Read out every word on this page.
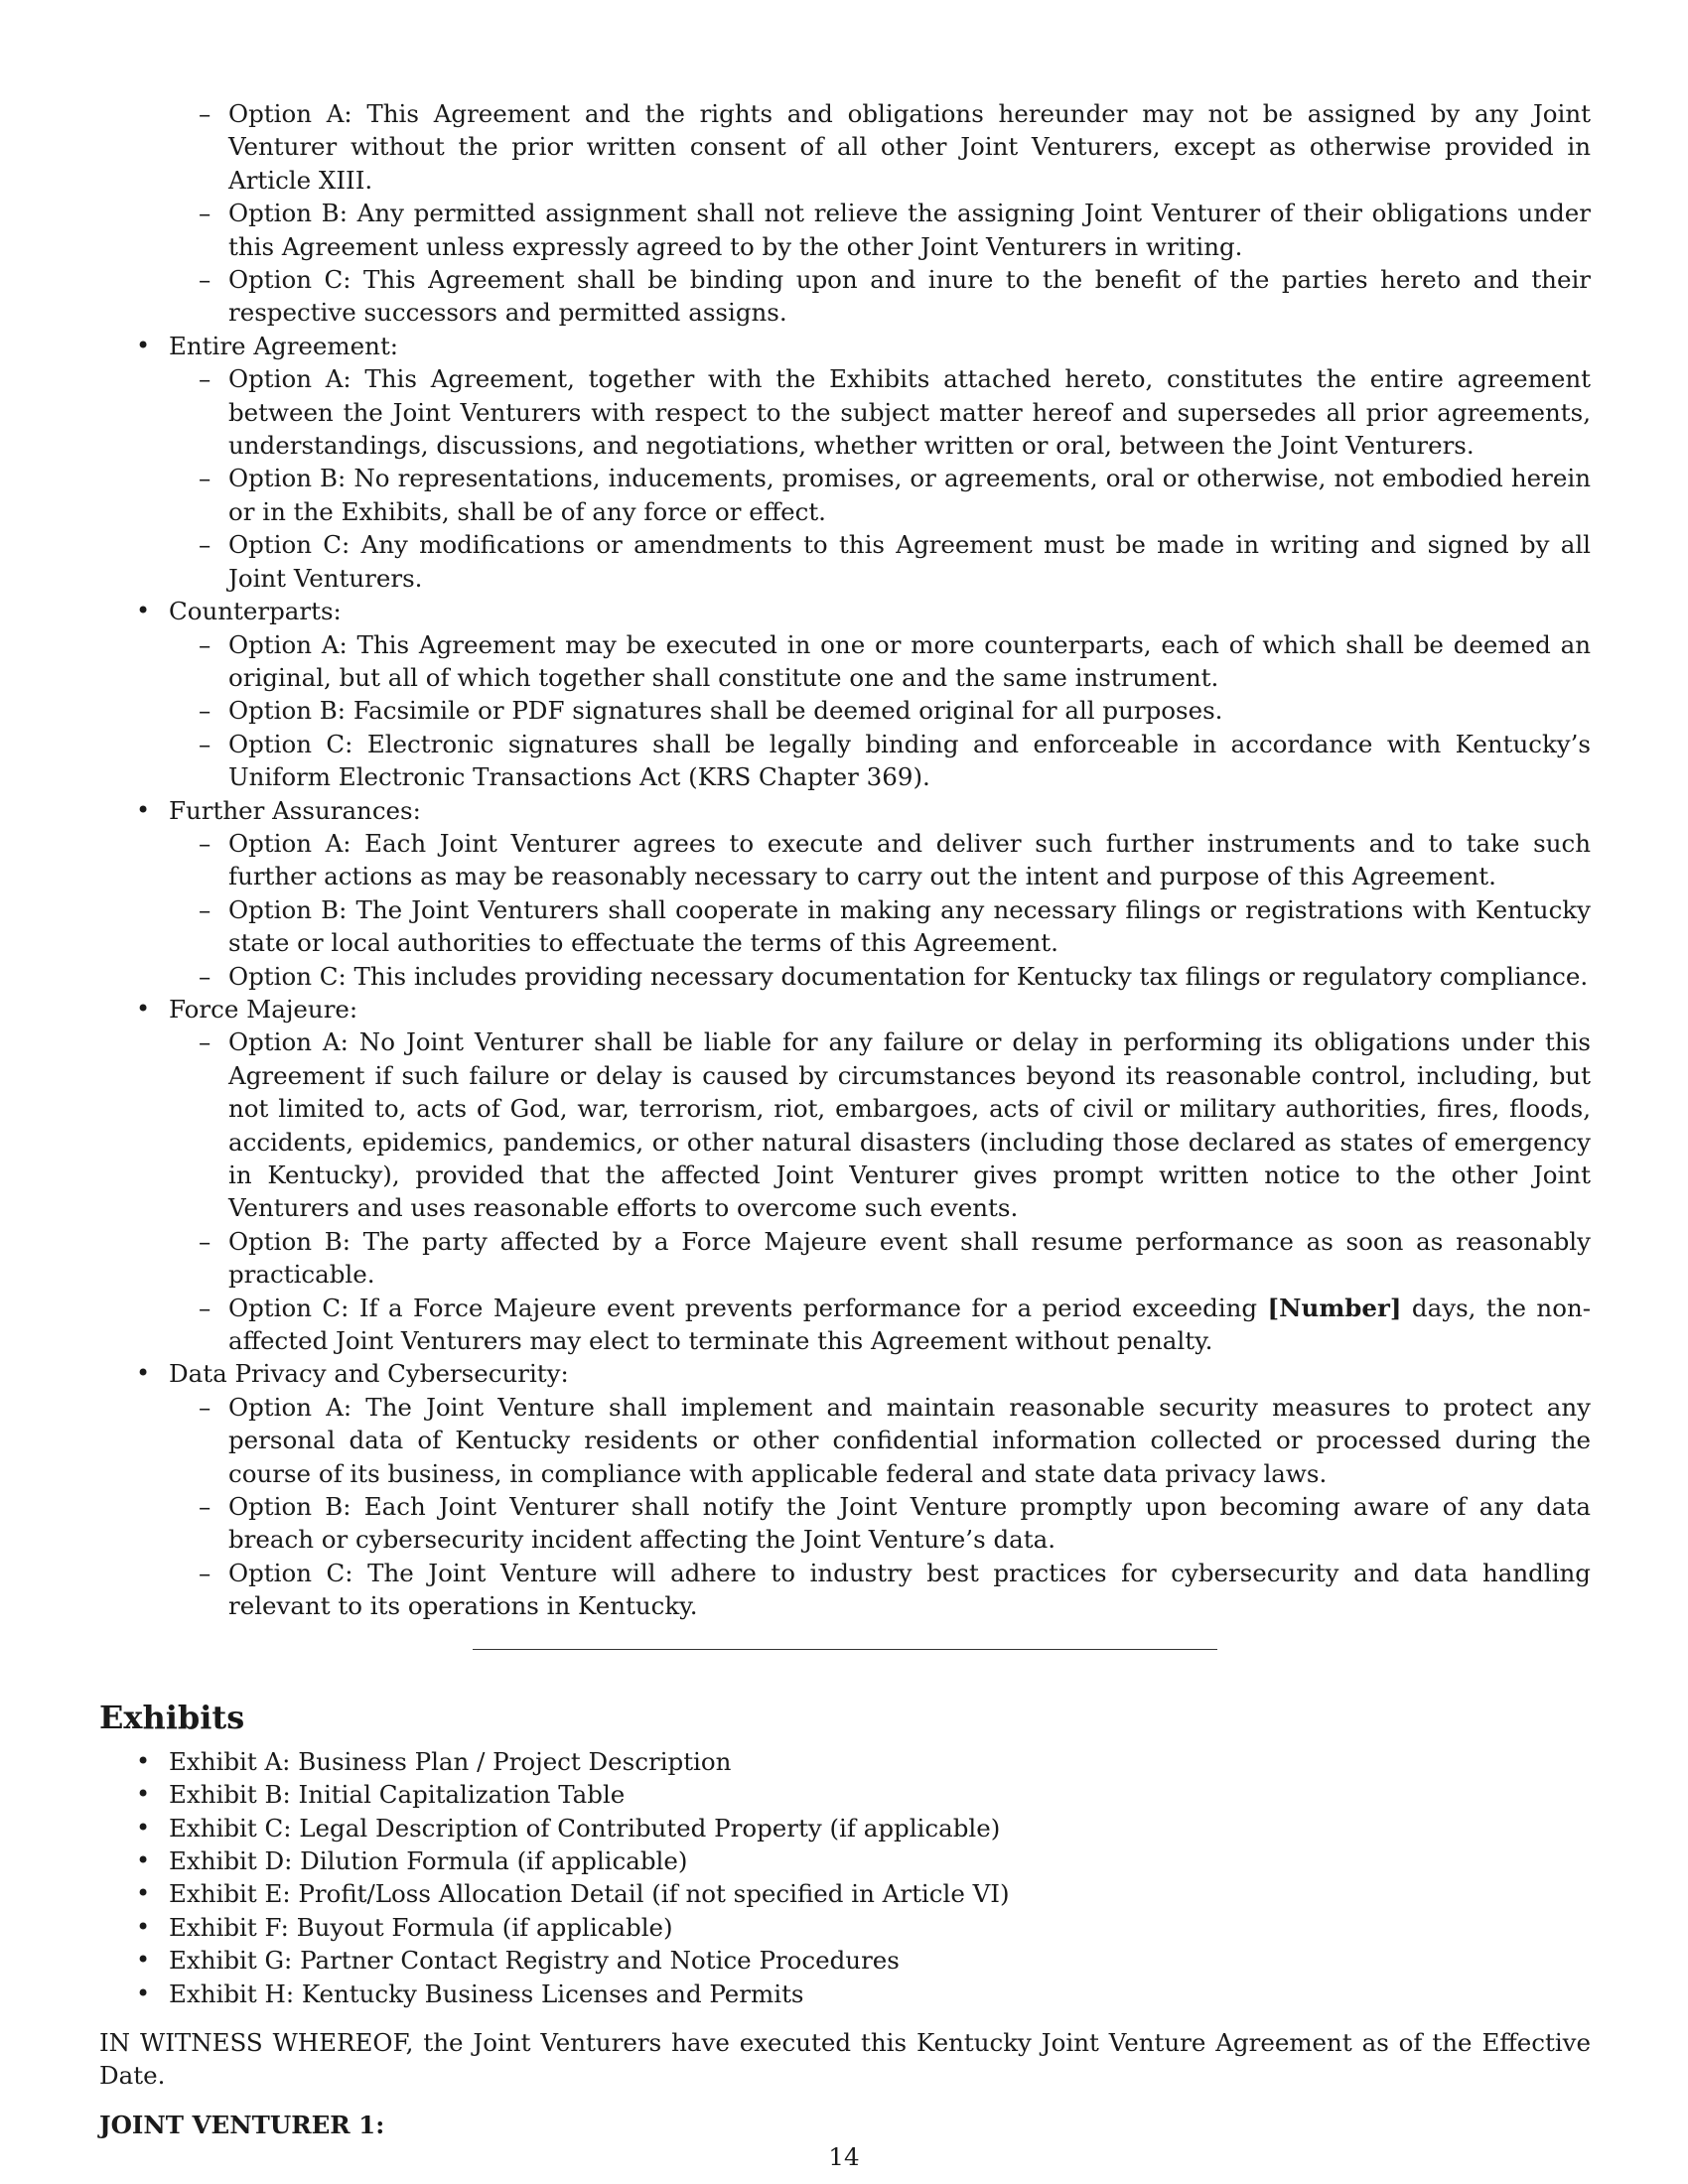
– Option A: This Agreement and the rights and obligations hereunder may not be assigned by any Joint Venturer without the prior written consent of all other Joint Venturers, except as otherwise provided in Article XIII.
– Option B: Any permitted assignment shall not relieve the assigning Joint Venturer of their obligations under this Agreement unless expressly agreed to by the other Joint Venturers in writing.
– Option C: This Agreement shall be binding upon and inure to the benefit of the parties hereto and their respective successors and permitted assigns.
• Entire Agreement:
– Option A: This Agreement, together with the Exhibits attached hereto, constitutes the entire agreement between the Joint Venturers with respect to the subject matter hereof and supersedes all prior agreements, understandings, discussions, and negotiations, whether written or oral, between the Joint Venturers.
– Option B: No representations, inducements, promises, or agreements, oral or otherwise, not embodied herein or in the Exhibits, shall be of any force or effect.
– Option C: Any modifications or amendments to this Agreement must be made in writing and signed by all Joint Venturers.
• Counterparts:
– Option A: This Agreement may be executed in one or more counterparts, each of which shall be deemed an original, but all of which together shall constitute one and the same instrument.
– Option B: Facsimile or PDF signatures shall be deemed original for all purposes.
– Option C: Electronic signatures shall be legally binding and enforceable in accordance with Kentucky’s Uniform Electronic Transactions Act (KRS Chapter 369).
• Further Assurances:
– Option A: Each Joint Venturer agrees to execute and deliver such further instruments and to take such further actions as may be reasonably necessary to carry out the intent and purpose of this Agreement.
– Option B: The Joint Venturers shall cooperate in making any necessary filings or registrations with Kentucky state or local authorities to effectuate the terms of this Agreement.
– Option C: This includes providing necessary documentation for Kentucky tax filings or regulatory compliance.
• Force Majeure:
– Option A: No Joint Venturer shall be liable for any failure or delay in performing its obligations under this Agreement if such failure or delay is caused by circumstances beyond its reasonable control, including, but not limited to, acts of God, war, terrorism, riot, embargoes, acts of civil or military authorities, fires, floods, accidents, epidemics, pandemics, or other natural disasters (including those declared as states of emergency in Kentucky), provided that the affected Joint Venturer gives prompt written notice to the other Joint Venturers and uses reasonable efforts to overcome such events.
– Option B: The party affected by a Force Majeure event shall resume performance as soon as reasonably practicable.
– Option C: If a Force Majeure event prevents performance for a period exceeding [Number] days, the non-affected Joint Venturers may elect to terminate this Agreement without penalty.
• Data Privacy and Cybersecurity:
– Option A: The Joint Venture shall implement and maintain reasonable security measures to protect any personal data of Kentucky residents or other confidential information collected or processed during the course of its business, in compliance with applicable federal and state data privacy laws.
– Option B: Each Joint Venturer shall notify the Joint Venture promptly upon becoming aware of any data breach or cybersecurity incident affecting the Joint Venture’s data.
– Option C: The Joint Venture will adhere to industry best practices for cybersecurity and data handling relevant to its operations in Kentucky.
Exhibits
• Exhibit A: Business Plan / Project Description
• Exhibit B: Initial Capitalization Table
• Exhibit C: Legal Description of Contributed Property (if applicable)
• Exhibit D: Dilution Formula (if applicable)
• Exhibit E: Profit/Loss Allocation Detail (if not specified in Article VI)
• Exhibit F: Buyout Formula (if applicable)
• Exhibit G: Partner Contact Registry and Notice Procedures
• Exhibit H: Kentucky Business Licenses and Permits

IN WITNESS WHEREOF, the Joint Venturers have executed this Kentucky Joint Venture Agreement as of the Effective Date.

JOINT VENTURER 1:

14
